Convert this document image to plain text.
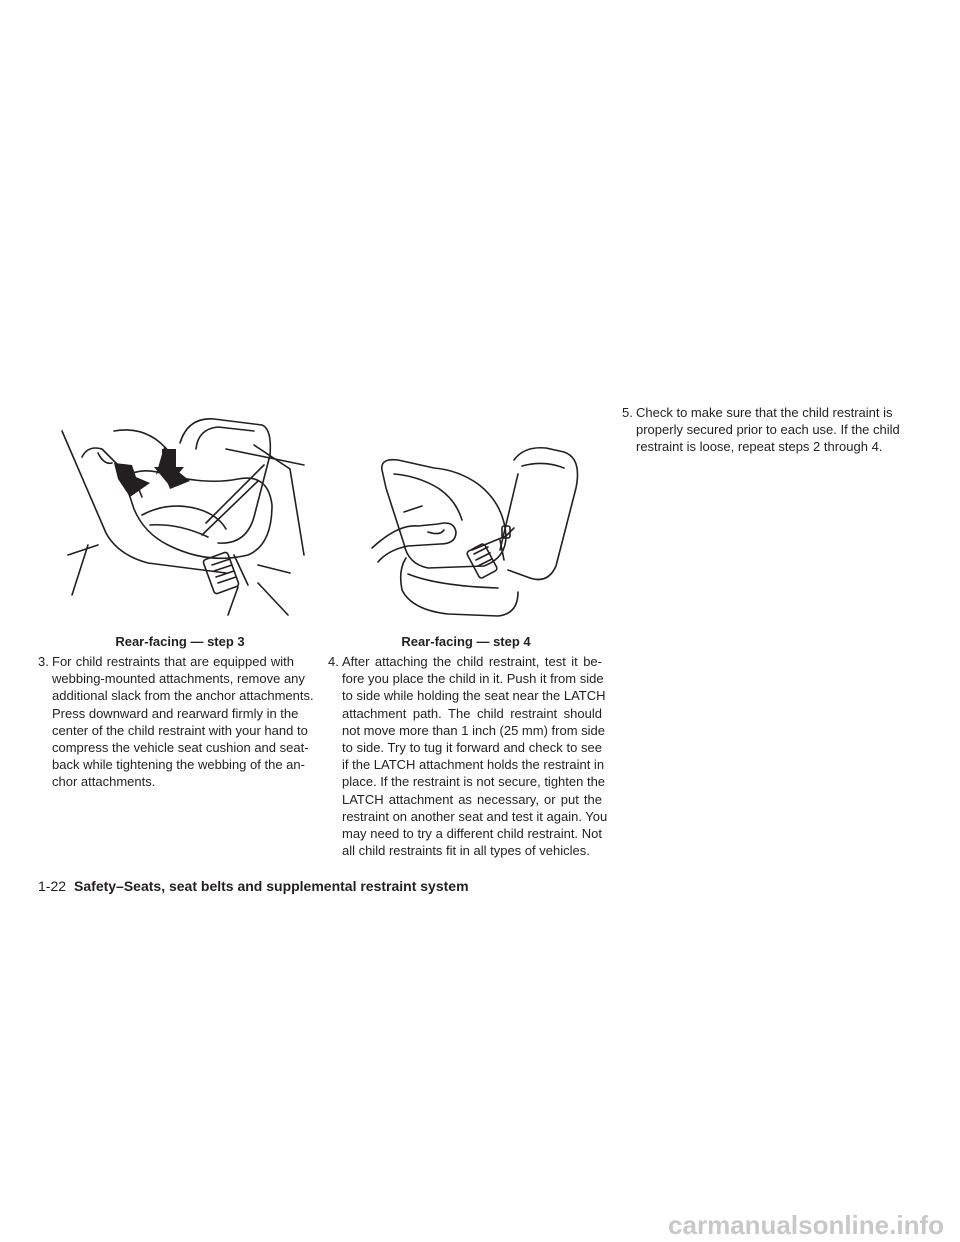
Rear-facing — step 3	Rear-facing — step 4
3. For child restraints that are equipped with
webbing-mounted attachments, remove any
additional slack from the anchor attachments.
Press downward and rearward firmly in the
center of the child restraint with your hand to
compress the vehicle seat cushion and seat-
back while tightening the webbing of the an-
chor attachments.
4. After attaching the child restraint, test it be-
fore you place the child in it. Push it from side
to side while holding the seat near the LATCH
attachment path. The child restraint should
not move more than 1 inch (25 mm) from side
to side. Try to tug it forward and check to see
if the LATCH attachment holds the restraint in
place. If the restraint is not secure, tighten the
LATCH attachment as necessary, or put the
restraint on another seat and test it again. You
may need to try a different child restraint. Not
all child restraints fit in all types of vehicles.
5. Check to make sure that the child restraint is
properly secured prior to each use. If the child
restraint is loose, repeat steps 2 through 4.
1-22 Safety–Seats, seat belts and supplemental restraint system
carmanualsonline.info
